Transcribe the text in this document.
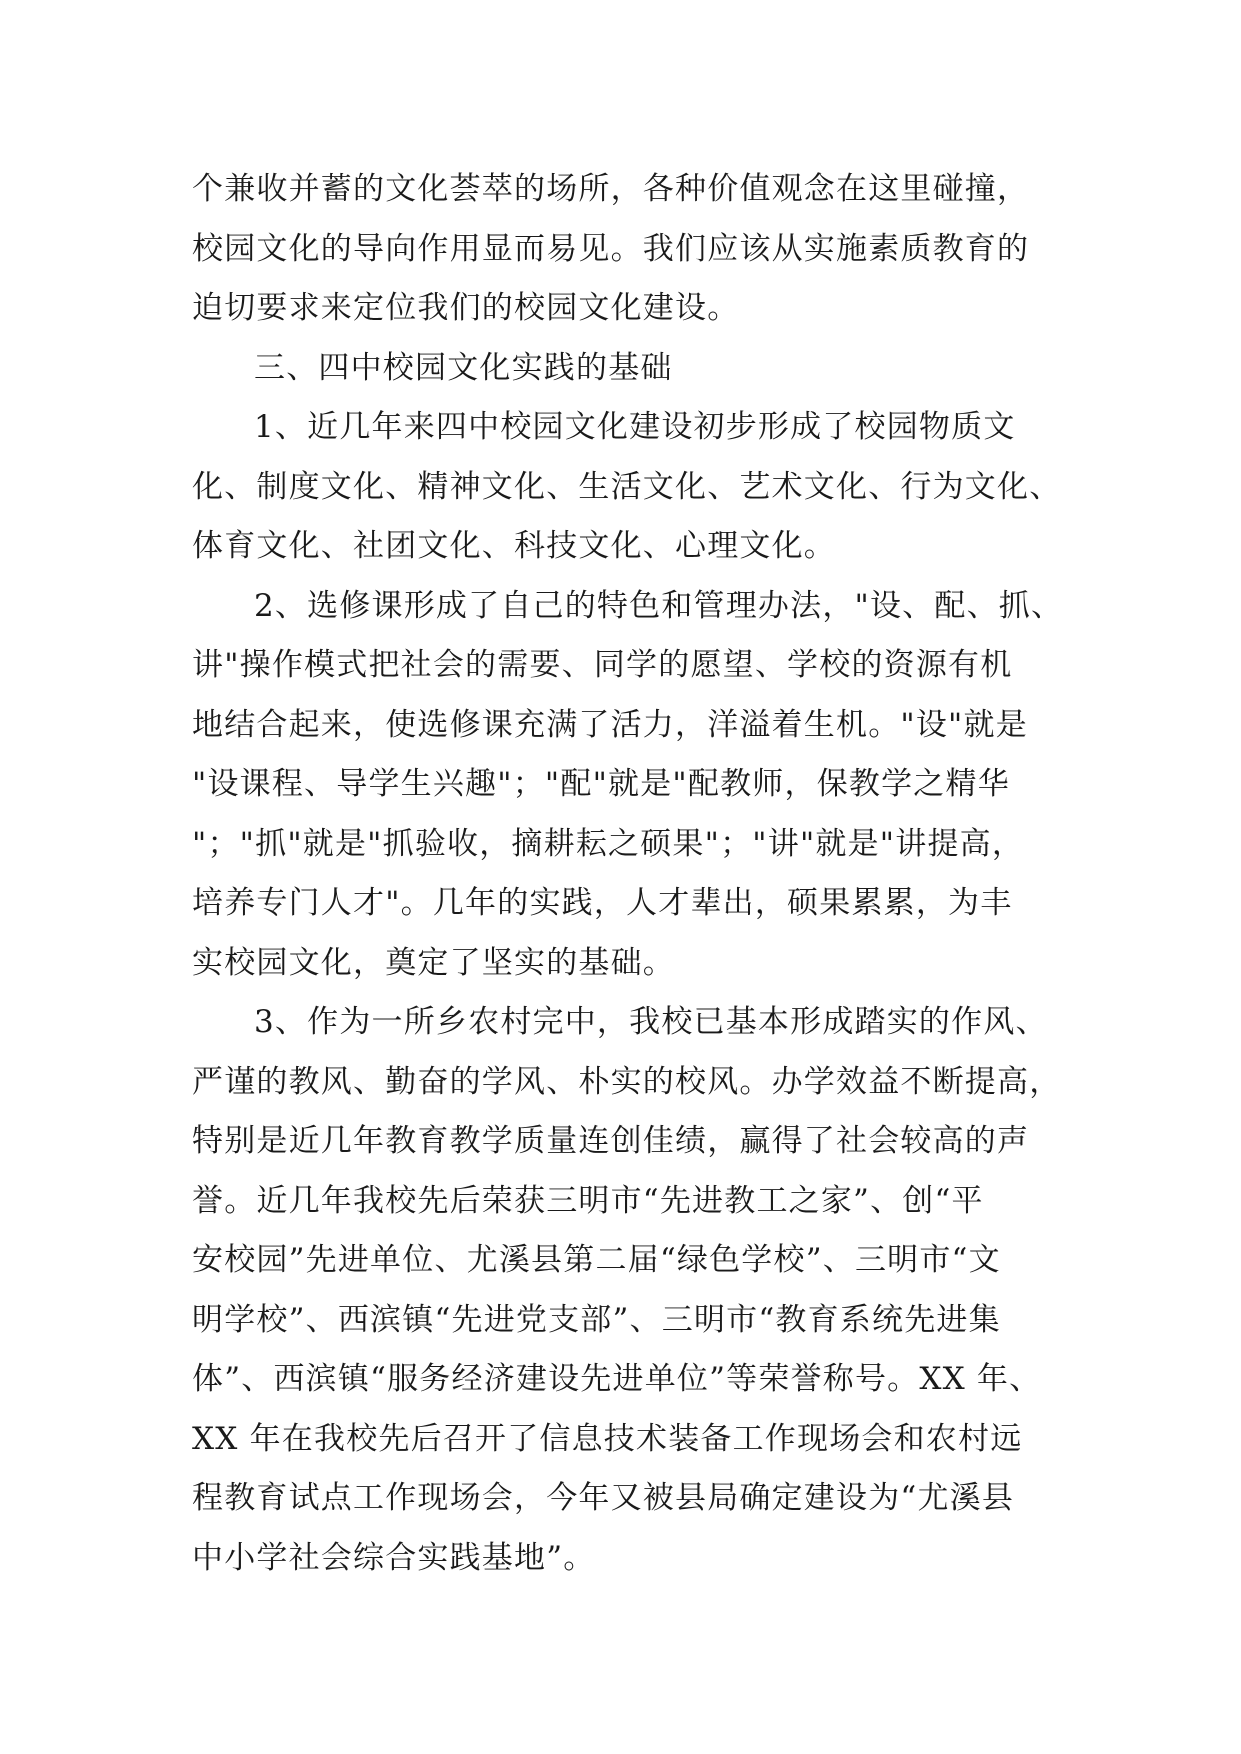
个兼收并蓄的文化荟萃的场所，各种价值观念在这里碰撞，
校园文化的导向作用显而易见。我们应该从实施素质教育的
迫切要求来定位我们的校园文化建设。
三、四中校园文化实践的基础
1、近几年来四中校园文化建设初步形成了校园物质文
化、制度文化、精神文化、生活文化、艺术文化、行为文化、
体育文化、社团文化、科技文化、心理文化。
2、选修课形成了自己的特色和管理办法，"设、配、抓、
讲"操作模式把社会的需要、同学的愿望、学校的资源有机
地结合起来，使选修课充满了活力，洋溢着生机。"设"就是
"设课程、导学生兴趣"；"配"就是"配教师，保教学之精华
"；"抓"就是"抓验收，摘耕耘之硕果"；"讲"就是"讲提高，
培养专门人才"。几年的实践，人才辈出，硕果累累，为丰
实校园文化，奠定了坚实的基础。
3、作为一所乡农村完中，我校已基本形成踏实的作风、
严谨的教风、勤奋的学风、朴实的校风。办学效益不断提高，
特别是近几年教育教学质量连创佳绩，赢得了社会较高的声
誉。近几年我校先后荣获三明市“先进教工之家”、创“平
安校园”先进单位、尤溪县第二届“绿色学校”、三明市“文
明学校”、西滨镇“先进党支部”、三明市“教育系统先进集
体”、西滨镇“服务经济建设先进单位”等荣誉称号。XX 年、
XX 年在我校先后召开了信息技术装备工作现场会和农村远
程教育试点工作现场会，今年又被县局确定建设为“尤溪县
中小学社会综合实践基地”。
